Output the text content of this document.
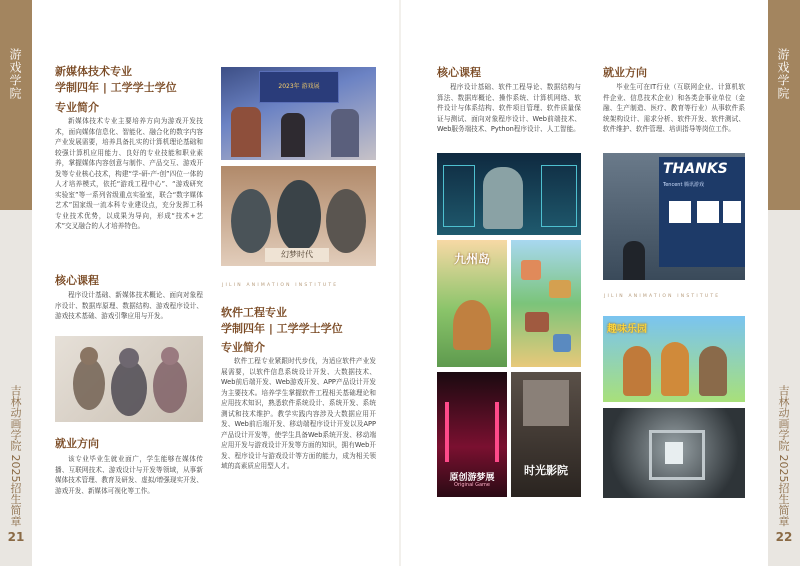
游戏学院
吉林动画学院 2025招生简章
21
游戏学院
吉林动画学院 2025招生简章
22
新媒体技术专业
学制四年 | 工学学士学位
专业简介

新媒体技术专业主要培养方向为游戏开发技术，面向媒体信息化、智能化、融合化的数字内容产业发展需要，培养具备扎实的计算机理论基础和较强计算机应用能力、良好的专业技能和职业素养，掌握媒体内容创意与制作、产品交互、游戏开发等专业核心技术，构建“学-研-产-创”四位一体的人才培养模式，依托“游戏工程中心”、“游戏研究实验室”等一系列省级重点实验室，联合“数字媒体艺术”国家级一流本科专业建设点，充分发挥工科专业技术优势，以成果为导向，形成“技术+艺术”交叉融合的人才培养特色。

核心课程

程序设计基础、新媒体技术概论、面向对象程序设计、数据库原理、数据结构、游戏程序设计、游戏技术基础、游戏引擎应用与开发。

就业方向

该专业毕业生就业面广，学生能够在媒体传播、互联网技术、游戏设计与开发等领域，从事新媒体技术管理、教育及研发、虚拟/增强现实开发、游戏开发、新媒体可视化等工作。

2023年 游戏展
幻梦时代
JILIN ANIMATION INSTITUTE
软件工程专业
学制四年 | 工学学士学位
专业简介

软件工程专业紧跟时代步伐，为适应软件产业发展需要，以软件信息系统设计开发、大数据技术、Web前后端开发、Web游戏开发、APP产品设计开发为主要技术。培养学生掌握软件工程相关基础理论和应用技术知识，熟悉软件系统设计、系统开发、系统测试和技术维护。教学实践内容涉及大数据应用开发、Web前后端开发、移动端程序设计开发以及APP产品设计开发等，使学生具备Web系统开发、移动端应用开发与游戏设计开发等方面的知识，拥有Web开发、程序设计与游戏设计等方面的能力，成为相关领域的高素质应用型人才。

核心课程

程序设计基础、软件工程导论、数据结构与算法、数据库概论、操作系统、计算机网络、软件设计与体系结构、软件项目管理、软件质量保证与测试、面向对象程序设计、Web前端技术、Web服务端技术、Python程序设计、人工智能。

九州岛
原创游梦展
Original Game
时光影院
就业方向

毕业生可在IT行业（互联网企业、计算机软件企业、信息技术企业）和各类企事业单位（金融、生产制造、医疗、教育等行业）从事软件系统架构设计、需求分析、软件开发、软件测试、软件维护、软件管理、培训指导等岗位工作。

THANKS
Tencent 腾讯游戏
JILIN ANIMATION INSTITUTE
趣味乐园
